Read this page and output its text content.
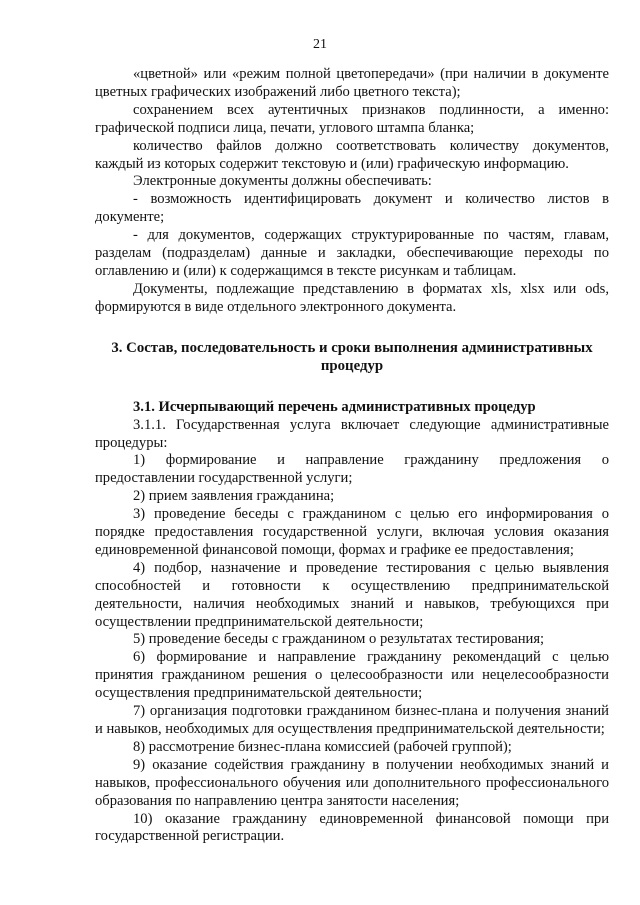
21

«цветной» или «режим полной цветопередачи» (при наличии в документе цветных графических изображений либо цветного текста);

сохранением всех аутентичных признаков подлинности, а именно: графической подписи лица, печати, углового штампа бланка;

количество файлов должно соответствовать количеству документов, каждый из которых содержит текстовую и (или) графическую информацию.

Электронные документы должны обеспечивать:

- возможность идентифицировать документ и количество листов в документе;

- для документов, содержащих структурированные по частям, главам, разделам (подразделам) данные и закладки, обеспечивающие переходы по оглавлению и (или) к содержащимся в тексте рисункам и таблицам.

Документы, подлежащие представлению в форматах xls, xlsx или ods, формируются в виде отдельного электронного документа.

3. Состав, последовательность и сроки выполнения административных процедур

3.1. Исчерпывающий перечень административных процедур

3.1.1. Государственная услуга включает следующие административные процедуры:

1) формирование и направление гражданину предложения о предоставлении государственной услуги;

2) прием заявления гражданина;

3) проведение беседы с гражданином с целью его информирования о порядке предоставления государственной услуги, включая условия оказания единовременной финансовой помощи, формах и графике ее предоставления;

4) подбор, назначение и проведение тестирования с целью выявления способностей и готовности к осуществлению предпринимательской деятельности, наличия необходимых знаний и навыков, требующихся при осуществлении предпринимательской деятельности;

5) проведение беседы с гражданином о результатах тестирования;

6) формирование и направление гражданину рекомендаций с целью принятия гражданином решения о целесообразности или нецелесообразности осуществления предпринимательской деятельности;

7) организация подготовки гражданином бизнес-плана и получения знаний и навыков, необходимых для осуществления предпринимательской деятельности;

8) рассмотрение бизнес-плана комиссией (рабочей группой);

9) оказание содействия гражданину в получении необходимых знаний и навыков, профессионального обучения или дополнительного профессионального образования по направлению центра занятости населения;

10) оказание гражданину единовременной финансовой помощи при государственной регистрации.
